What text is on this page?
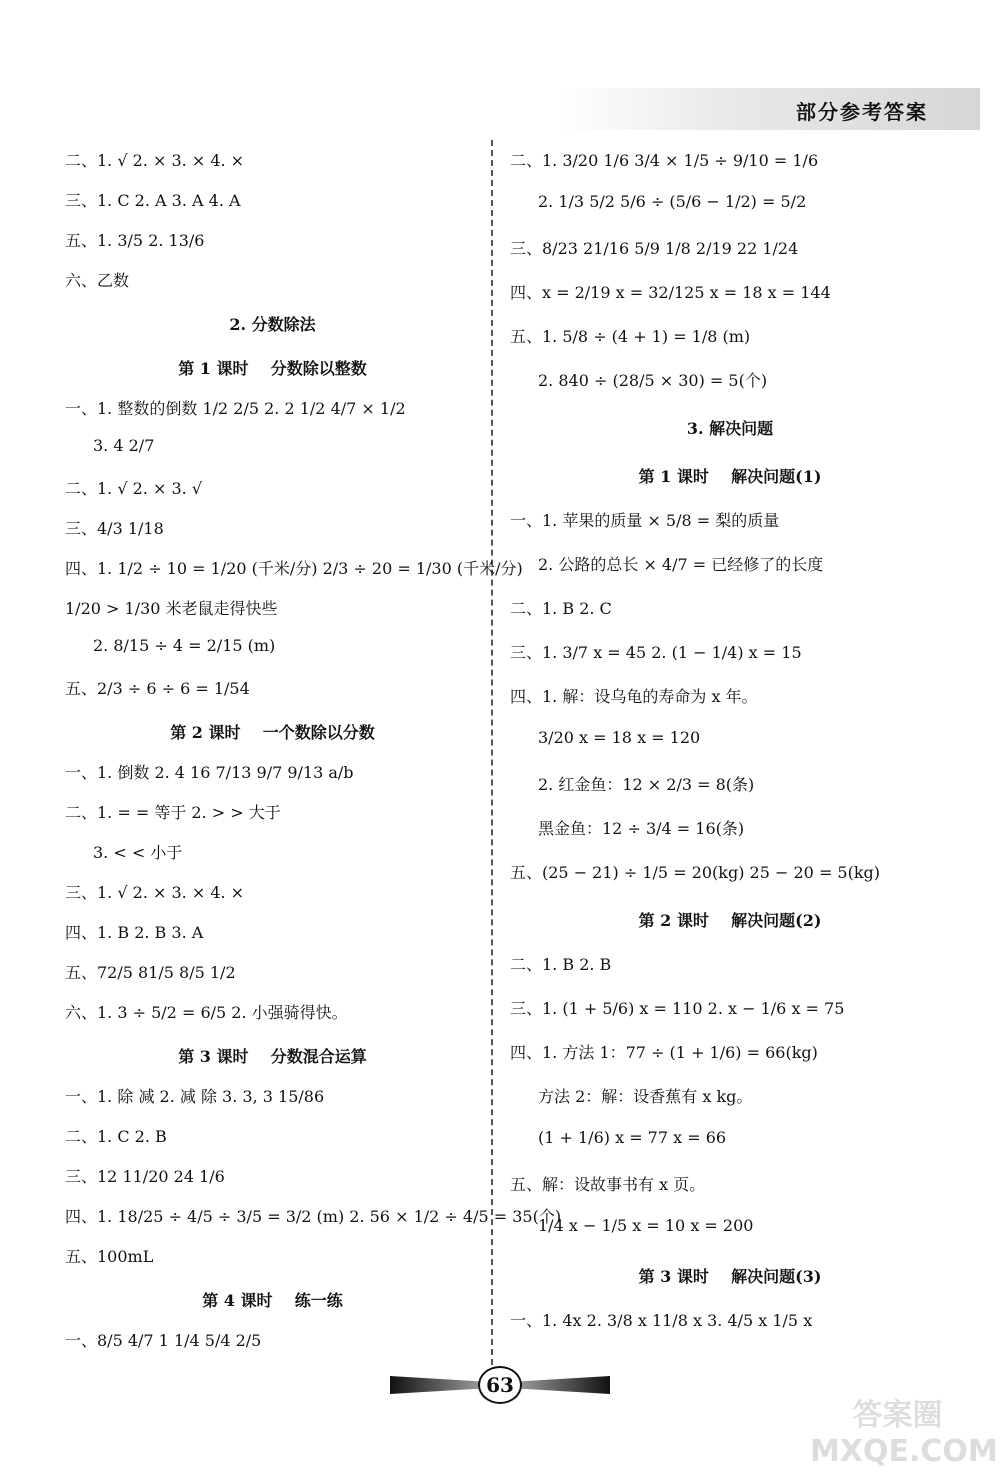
部分参考答案
二、1. √ 2. × 3. × 4. ×
三、1. C 2. A 3. A 4. A
五、1. 3/5 2. 13/6
六、乙数
2. 分数除法
第 1 课时    分数除以整数
一、1. 整数的倒数 1/2 2/5 2. 2 1/2 4/7 × 1/2
3. 4 2/7
二、1. √ 2. × 3. √
三、4/3 1/18
四、1. 1/2 ÷ 10 = 1/20 (千米/分) 2/3 ÷ 20 = 1/30 (千米/分)
1/20 > 1/30 米老鼠走得快些
2. 8/15 ÷ 4 = 2/15 (m)
五、2/3 ÷ 6 ÷ 6 = 1/54
第 2 课时    一个数除以分数
一、1. 倒数 2. 4 16 7/13 9/7 9/13 a/b
二、1. = = 等于 2. > > 大于
3. < < 小于
三、1. √ 2. × 3. × 4. ×
四、1. B 2. B 3. A
五、72/5 81/5 8/5 1/2
六、1. 3 ÷ 5/2 = 6/5 2. 小强骑得快。
第 3 课时    分数混合运算
一、1. 除 减 2. 减 除 3. 3, 3 15/86
二、1. C 2. B
三、12 11/20 24 1/6
四、1. 18/25 ÷ 4/5 ÷ 3/5 = 3/2 (m) 2. 56 × 1/2 ÷ 4/5 = 35(个)
五、100mL
第 4 课时    练一练
一、8/5 4/7 1 1/4 5/4 2/5
二、1. 3/20 1/6 3/4 × 1/5 ÷ 9/10 = 1/6
2. 1/3 5/2 5/6 ÷ (5/6 − 1/2) = 5/2
三、8/23 21/16 5/9 1/8 2/19 22 1/24
四、x = 2/19 x = 32/125 x = 18 x = 144
五、1. 5/8 ÷ (4 + 1) = 1/8 (m)
2. 840 ÷ (28/5 × 30) = 5(个)
3. 解决问题
第 1 课时    解决问题(1)
一、1. 苹果的质量 × 5/8 = 梨的质量
2. 公路的总长 × 4/7 = 已经修了的长度
二、1. B 2. C
三、1. 3/7 x = 45 2. (1 − 1/4) x = 15
四、1. 解：设乌龟的寿命为 x 年。
3/20 x = 18 x = 120
2. 红金鱼：12 × 2/3 = 8(条)
黑金鱼：12 ÷ 3/4 = 16(条)
五、(25 − 21) ÷ 1/5 = 20(kg) 25 − 20 = 5(kg)
第 2 课时    解决问题(2)
二、1. B 2. B
三、1. (1 + 5/6) x = 110 2. x − 1/6 x = 75
四、1. 方法 1：77 ÷ (1 + 1/6) = 66(kg)
方法 2：解：设香蕉有 x kg。
(1 + 1/6) x = 77 x = 66
五、解：设故事书有 x 页。
1/4 x − 1/5 x = 10 x = 200
第 3 课时    解决问题(3)
一、1. 4x 2. 3/8 x 11/8 x 3. 4/5 x 1/5 x
63
答案圈 MXQE.COM
